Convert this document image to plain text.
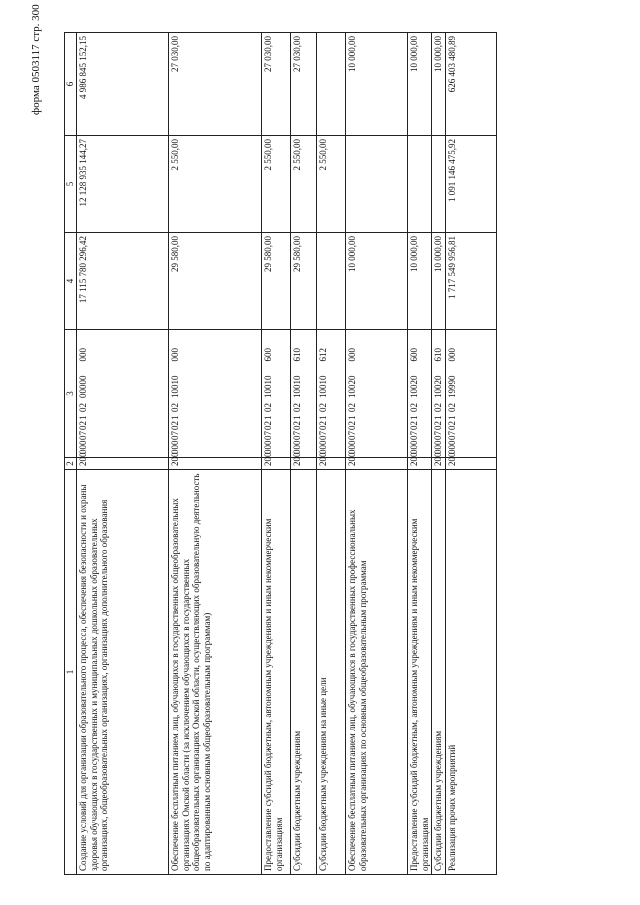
форма 0503117 стр. 300
1	2	3	4	5	6
Создание условий для организации образовательного процесса, обеспечения безопасности и охраны здоровья обучающихся в государственных и муниципальных дошкольных образовательных организациях, общеобразовательных организациях, организациях дополнительного образования	200	000070210200000000	17 115 780 296,42	12 128 935 144,27	4 986 845 152,15
Обеспечение бесплатным питанием лиц, обучающихся в государственных общеобразовательных организациях Омской области (за исключением обучающихся в государственных общеобразовательных организациях Омской области, осуществляющих образовательную деятельность по адаптированным основным общеобразовательным программам)	200	000070210210010000	29 580,00	2 550,00	27 030,00
Предоставление субсидий бюджетным, автономным учреждениям и иным некоммерческим организациям	200	000070210210010600	29 580,00	2 550,00	27 030,00
Субсидии бюджетным учреждениям	200	000070210210010610	29 580,00	2 550,00	27 030,00
Субсидии бюджетным учреждениям на иные цели	200	000070210210010612		2 550,00	
Обеспечение бесплатным питанием лиц, обучающихся в государственных профессиональных образовательных организациях по основным общеобразовательным программам	200	000070210210020000	10 000,00		10 000,00
Предоставление субсидий бюджетным, автономным учреждениям и иным некоммерческим организациям	200	000070210210020600	10 000,00		10 000,00
Субсидии бюджетным учреждениям	200	000070210210020610	10 000,00		10 000,00
Реализация прочих мероприятий	200	000070210219990000	1 717 549 956,81	1 091 146 475,92	626 403 480,89
